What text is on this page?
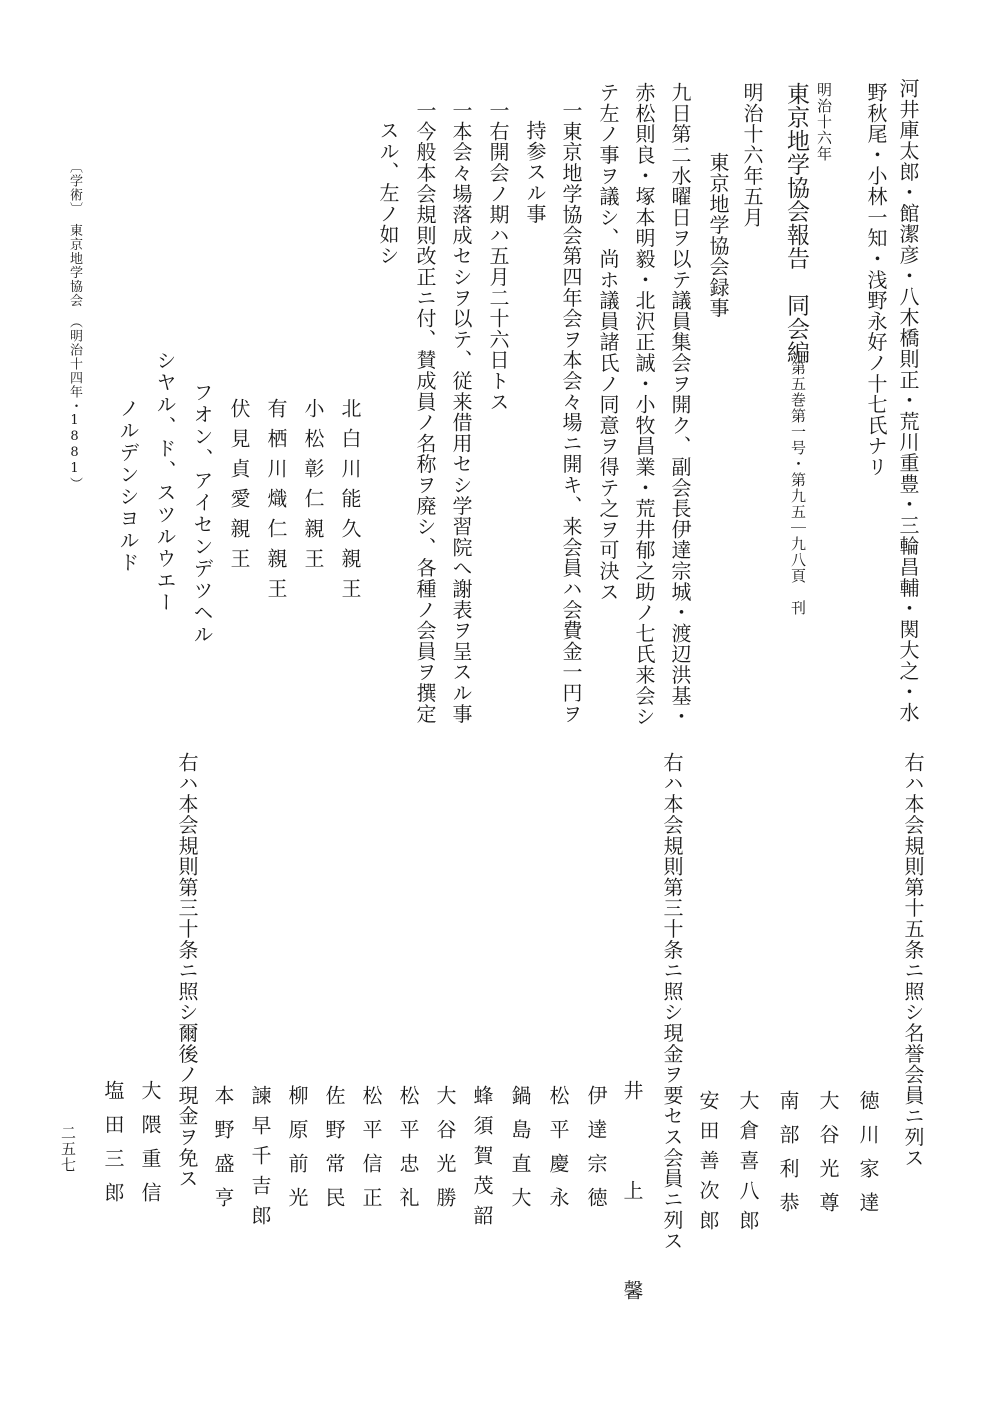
河井庫太郎・館潔彦・八木橋則正・荒川重豊・三輪昌輔・関大之・水
野秋尾・小林一知・浅野永好ノ十七氏ナリ
明治十六年
東京地学協会報告　同会編
第五巻第一号・第九五｜九八頁　刊
明治十六年五月
東京地学協会録事
九日第二水曜日ヲ以テ議員集会ヲ開ク、副会長伊達宗城・渡辺洪基・
赤松則良・塚本明毅・北沢正誠・小牧昌業・荒井郁之助ノ七氏来会シ
テ左ノ事ヲ議シ、尚ホ議員諸氏ノ同意ヲ得テ之ヲ可決ス
一東京地学協会第四年会ヲ本会々場ニ開キ、来会員ハ会費金一円ヲ
持参スル事
一右開会ノ期ハ五月二十六日トス
一本会々場落成セシヲ以テ、従来借用セシ学習院へ謝表ヲ呈スル事
一今般本会規則改正ニ付、賛成員ノ名称ヲ廃シ、各種ノ会員ヲ撰定
スル、左ノ如シ
北白川能久親王
小松彰仁親王
有栖川熾仁親王
伏見貞愛親王
フオン、アイセンデツヘル
シヤル、ド、スツルウエー
ノルデンシヨルド
〔学術〕　東京地学協会　（明治十四年・1881）
二五七	右ハ本会規則第十五条ニ照シ名誉会員ニ列ス
徳川家達
大谷光尊
南部利恭
大倉喜八郎
安田善次郎
右ハ本会規則第三十条ニ照シ現金ヲ要セス会員ニ列ス
井上馨
伊達宗徳
松平慶永
鍋島直大
蜂須賀茂韶
大谷光勝
松平忠礼
松平信正
佐野常民
柳原前光
諫早千吉郎
本野盛亨
右ハ本会規則第三十条ニ照シ爾後ノ現金ヲ免ス
大隈重信
塩田三郎
